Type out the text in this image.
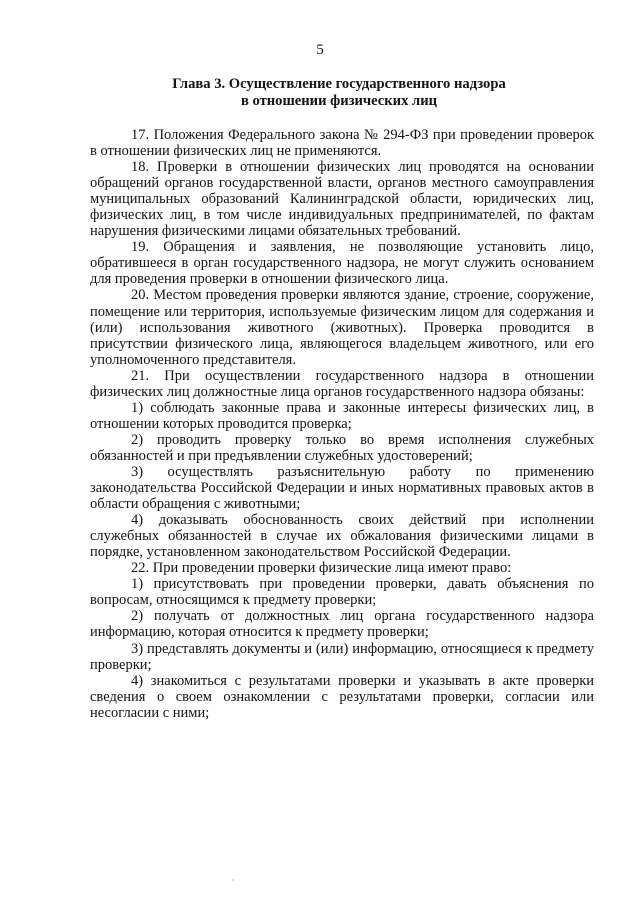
5
Глава 3. Осуществление государственного надзора
в отношении физических лиц

17. Положения Федерального закона № 294-ФЗ при проведении проверок в отношении физических лиц не применяются.

18. Проверки в отношении физических лиц проводятся на основании обращений органов государственной власти, органов местного самоуправления муниципальных образований Калининградской области, юридических лиц, физических лиц, в том числе индивидуальных предпринимателей, по фактам нарушения физическими лицами обязательных требований.

19. Обращения и заявления, не позволяющие установить лицо, обратившееся в орган государственного надзора, не могут служить основанием для проведения проверки в отношении физического лица.

20. Местом проведения проверки являются здание, строение, сооружение, помещение или территория, используемые физическим лицом для содержания и (или) использования животного (животных). Проверка проводится в присутствии физического лица, являющегося владельцем животного, или его уполномоченного представителя.

21. При осуществлении государственного надзора в отношении физических лиц должностные лица органов государственного надзора обязаны:

1) соблюдать законные права и законные интересы физических лиц, в отношении которых проводится проверка;

2) проводить проверку только во время исполнения служебных обязанностей и при предъявлении служебных удостоверений;

3) осуществлять разъяснительную работу по применению законодательства Российской Федерации и иных нормативных правовых актов в области обращения с животными;

4) доказывать обоснованность своих действий при исполнении служебных обязанностей в случае их обжалования физическими лицами в порядке, установленном законодательством Российской Федерации.

22. При проведении проверки физические лица имеют право:

1) присутствовать при проведении проверки, давать объяснения по вопросам, относящимся к предмету проверки;

2) получать от должностных лиц органа государственного надзора информацию, которая относится к предмету проверки;

3) представлять документы и (или) информацию, относящиеся к предмету проверки;

4) знакомиться с результатами проверки и указывать в акте проверки сведения о своем ознакомлении с результатами проверки, согласии или несогласии с ними;
